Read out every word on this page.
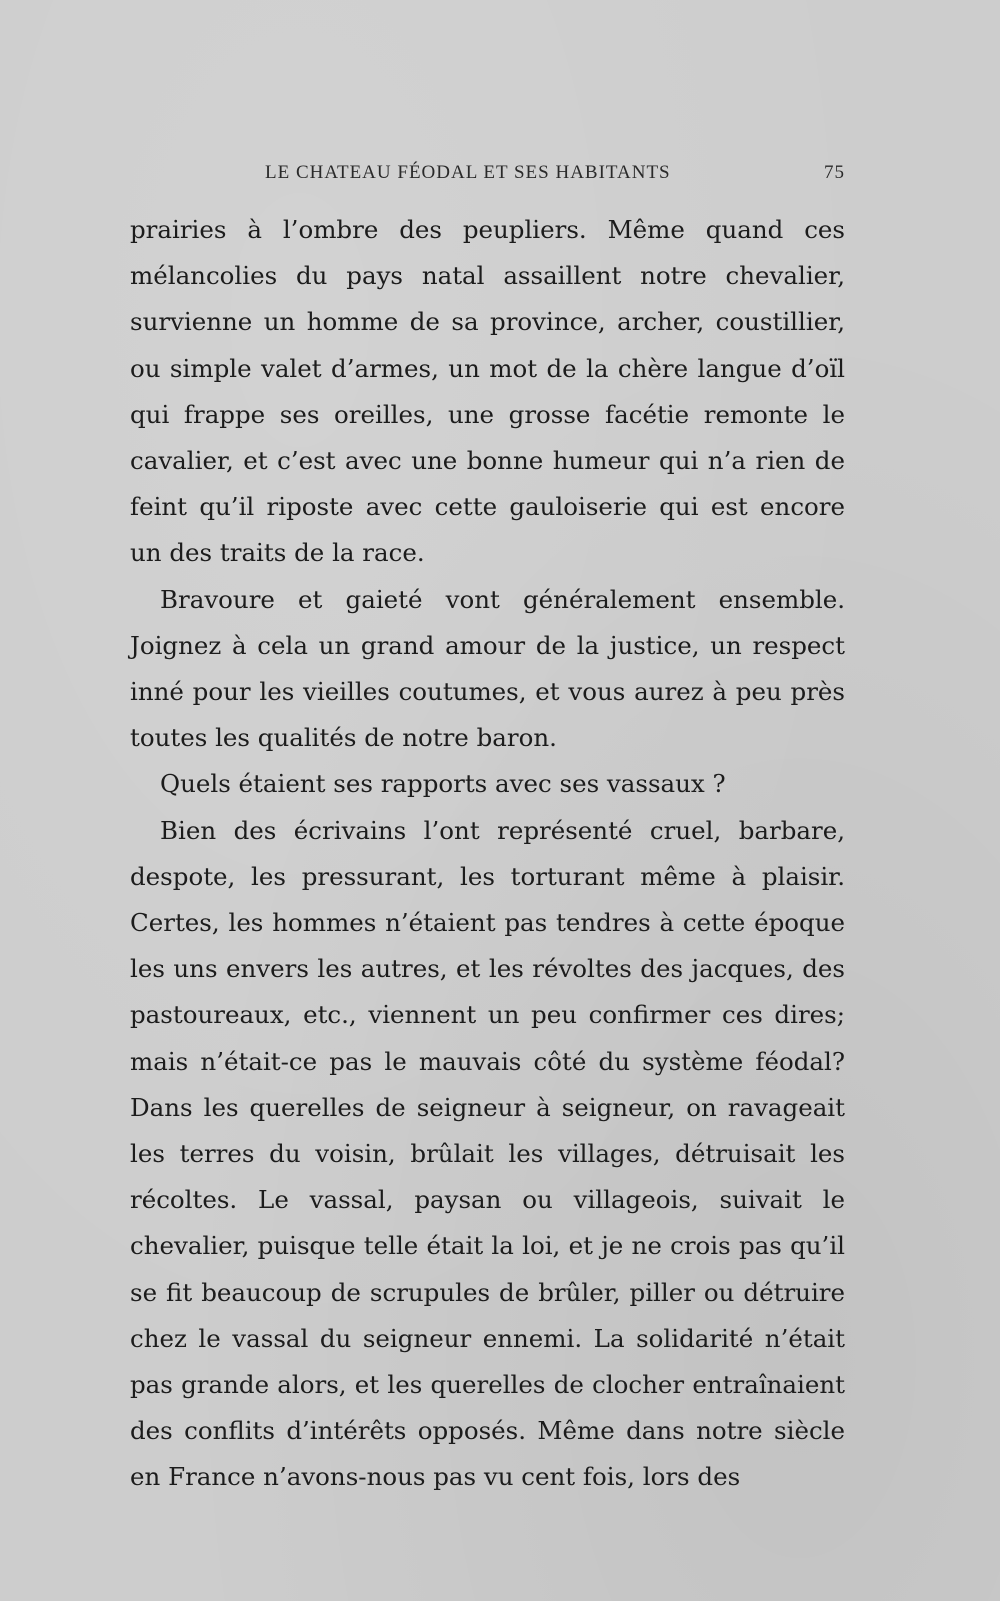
LE CHATEAU FÉODAL ET SES HABITANTS	75

prairies à l’ombre des peupliers. Même quand ces mélancolies du pays natal assaillent notre chevalier, survienne un homme de sa province, archer, coustillier, ou simple valet d’armes, un mot de la chère langue d’oïl qui frappe ses oreilles, une grosse facétie remonte le cavalier, et c’est avec une bonne humeur qui n’a rien de feint qu’il riposte avec cette gauloiserie qui est encore un des traits de la race.

Bravoure et gaieté vont généralement ensemble. Joignez à cela un grand amour de la justice, un respect inné pour les vieilles coutumes, et vous aurez à peu près toutes les qualités de notre baron.

Quels étaient ses rapports avec ses vassaux ?

Bien des écrivains l’ont représenté cruel, barbare, despote, les pressurant, les torturant même à plaisir. Certes, les hommes n’étaient pas tendres à cette époque les uns envers les autres, et les révoltes des jacques, des pastoureaux, etc., viennent un peu confirmer ces dires; mais n’était-ce pas le mauvais côté du système féodal? Dans les querelles de seigneur à seigneur, on ravageait les terres du voisin, brûlait les villages, détruisait les récoltes. Le vassal, paysan ou villageois, suivait le chevalier, puisque telle était la loi, et je ne crois pas qu’il se fit beaucoup de scrupules de brûler, piller ou détruire chez le vassal du seigneur ennemi. La solidarité n’était pas grande alors, et les querelles de clocher entraînaient des conflits d’intérêts opposés. Même dans notre siècle en France n’avons-nous pas vu cent fois, lors des
